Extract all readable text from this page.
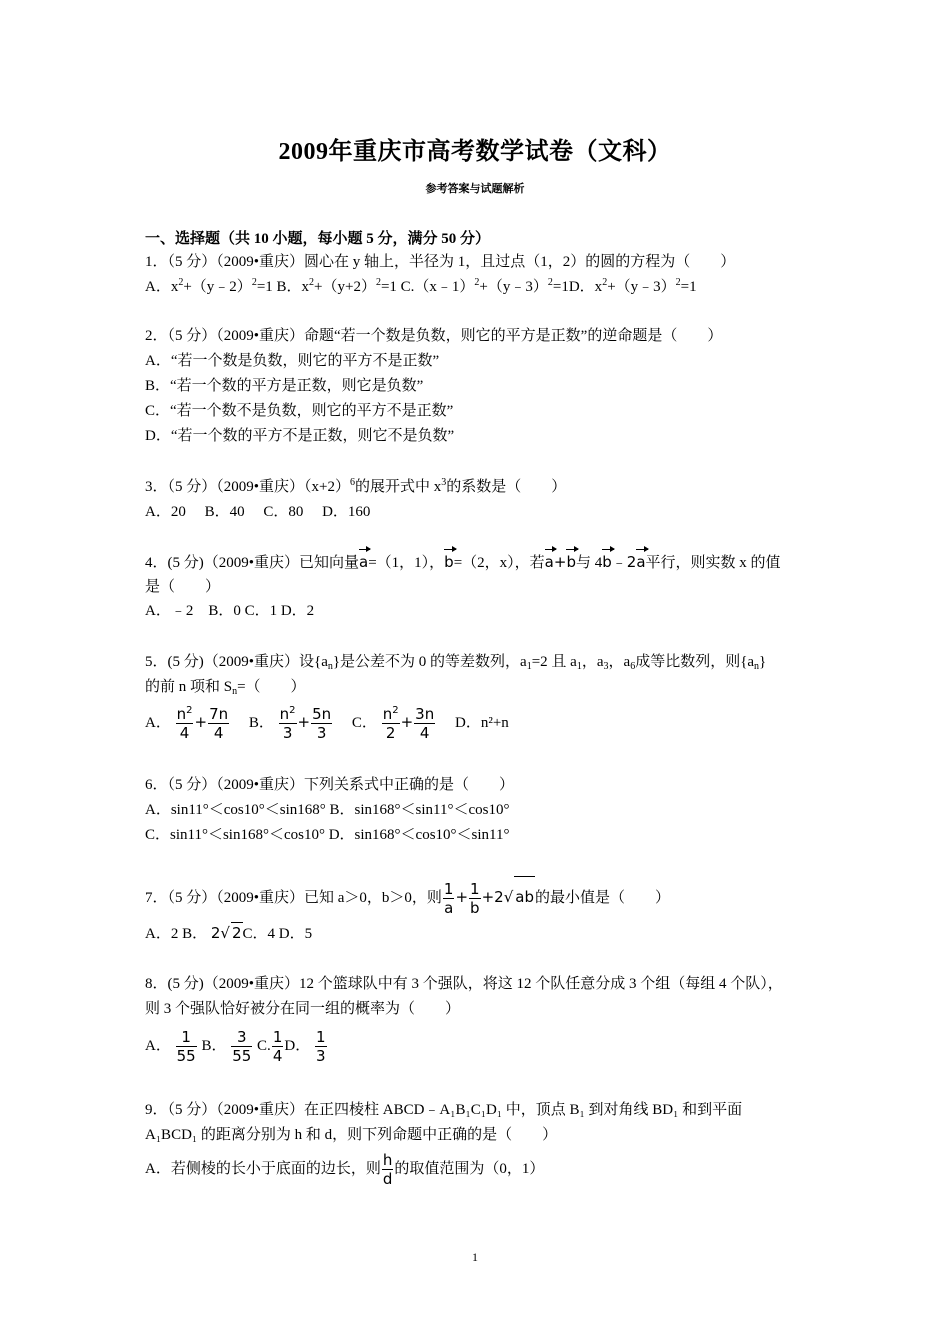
2009年重庆市高考数学试卷（文科）
参考答案与试题解析
一、选择题（共 10 小题，每小题 5 分，满分 50 分）
1．（5 分）（2009•重庆）圆心在 y 轴上，半径为 1，且过点（1，2）的圆的方程为（　　）
A．$x^2+(y﹣2)^2=1$ B．$x^2+(y+2)^2=1$ C.（x﹣1）$^2$+（y﹣3）$^2$=1D．$x^2+(y﹣3)^2=1$
2．（5 分）（2009•重庆）命题“若一个数是负数，则它的平方是正数”的逆命题是（　　）
A．“若一个数是负数，则它的平方不是正数”
B．“若一个数的平方是正数，则它是负数”
C．“若一个数不是负数，则它的平方不是正数”
D．“若一个数的平方不是正数，则它不是负数”
3．（5 分）（2009•重庆）$(x+2)^6$的展开式中 $x^3$的系数是（　　）
A．20　 B．40　 C．80　 D．160
4．(5 分)（2009•重庆）已知向量a=（1，1），b=（2，x），若a+b与 4b﹣2a平行，则实数 x 的值
是（　　）
A．﹣2　B．0 C．1 D．2
5．(5 分)（2009•重庆）设$\{a_n\}$是公差不为 0 的等差数列，$a_1=2$ 且 $a_1$，$a_3$，$a_6$成等比数列，则$\{a_n\}$
的前 n 项和 $S_n=$（　　）
A． $\frac{n^2}{4} + \frac{7n}{4}$ 　B． $\frac{n^2}{3} + \frac{5n}{3}$ 　C． $\frac{n^2}{2} + \frac{3n}{4}$
　 D．n²+n
6．（5 分）（2009•重庆）下列关系式中正确的是（　　）
A．sin11°＜cos10°＜sin168° B．sin168°＜sin11°＜cos10°
C．sin11°＜sin168°＜cos10° D．sin168°＜cos10°＜sin11°
7．（5 分）（2009•重庆）已知 a＞0，b＞0，则 $\frac{1}{a} + \frac{1}{b} +2√$ ab的最小值是（　　）
A．2 B． 2√ 2C．4 D．5
8．(5 分)（2009•重庆）12 个篮球队中有 3 个强队，将这 12 个队任意分成 3 个组（每组 4 个队），
则 3 个强队恰好被分在同一组的概率为（　　）
A． $\frac{1}{55}$ B． $\frac{3}{55} C$. $\frac{1}{4}$ D． $\frac{1}{3}$
9．（5 分）（2009•重庆）在正四棱柱 ABCD﹣A₁B₁C₁D₁ 中，顶点 B₁ 到对角线 BD₁ 和到平面
A₁BCD₁ 的距离分别为 h 和 d，则下列命题中正确的是（　　）
A．若侧棱的长小于底面的边长，则 $\frac{h}{d}$ 的取值范围为（0，1）
1
